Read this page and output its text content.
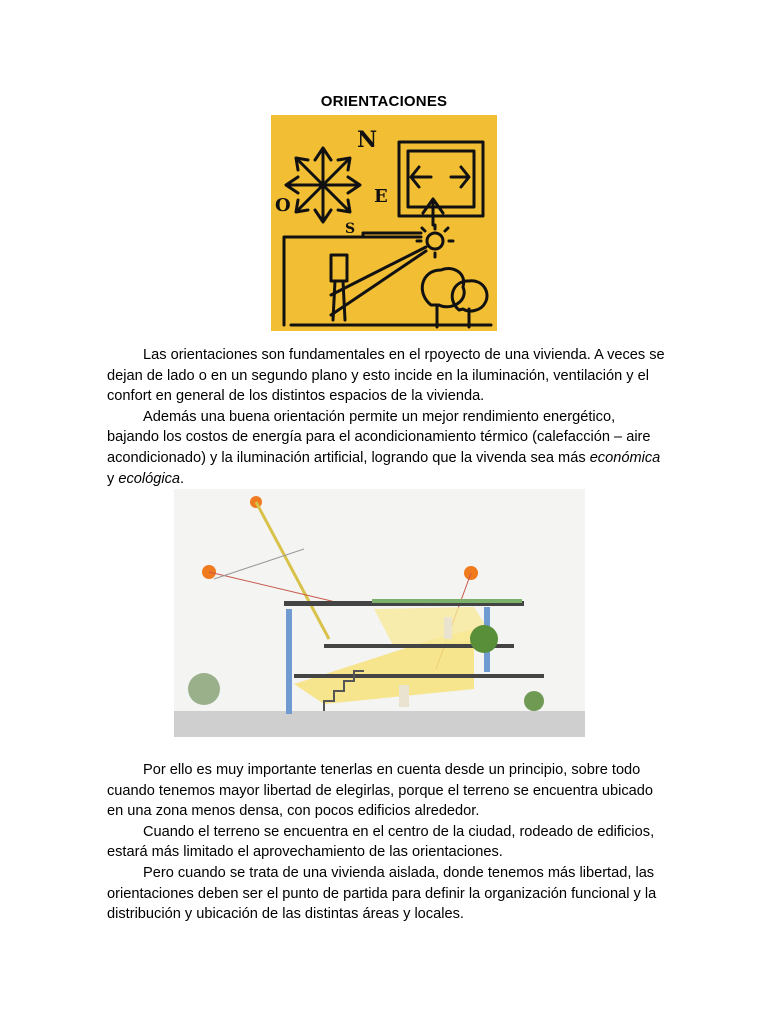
ORIENTACIONES
N
E
S
O

Las orientaciones son fundamentales en el rpoyecto de una vivienda. A veces se dejan de lado o en un segundo plano y esto incide en la iluminación, ventilación y el confort en general de los distintos espacios de la vivienda.

Además una buena orientación permite un mejor rendimiento energético, bajando los costos de energía para el acondicionamiento térmico (calefacción – aire acondicionado) y la iluminación artificial, logrando que la vivenda sea más económica y ecológica.

Por ello es muy importante tenerlas en cuenta desde un principio, sobre todo cuando tenemos mayor libertad de elegirlas, porque el terreno se encuentra ubicado en una zona menos densa, con pocos edificios alrededor.

Cuando el terreno se encuentra en el centro de la ciudad, rodeado de edificios, estará más limitado el aprovechamiento de las orientaciones.

Pero cuando se trata de una vivienda aislada, donde tenemos más libertad, las orientaciones deben ser el punto de partida para definir la organización funcional y la distribución y ubicación de las distintas áreas y locales.
